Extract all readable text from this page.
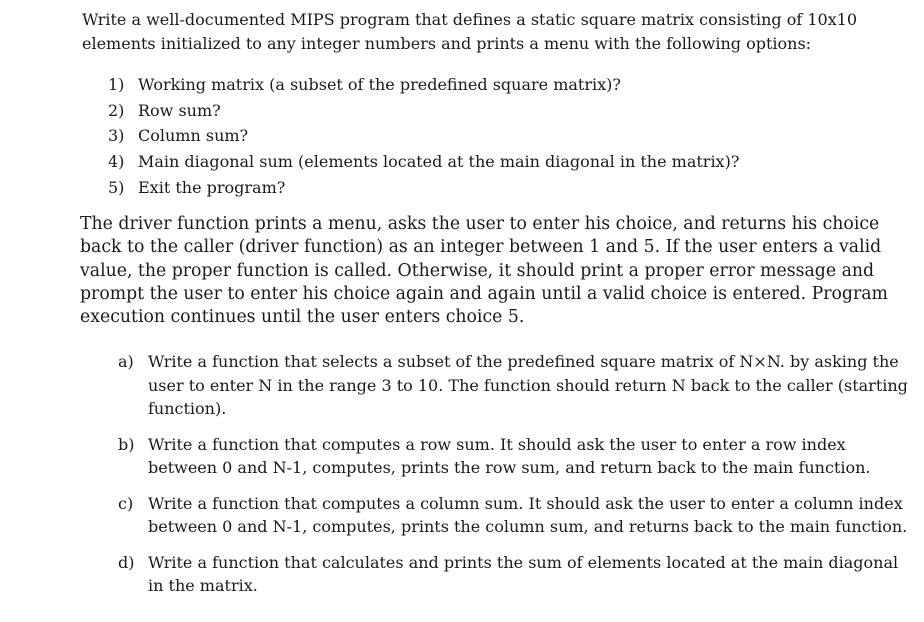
Write a well-documented MIPS program that defines a static square matrix consisting of 10x10 elements initialized to any integer numbers and prints a menu with the following options:

1) Working matrix (a subset of the predefined square matrix)?
2) Row sum?
3) Column sum?
4) Main diagonal sum (elements located at the main diagonal in the matrix)?
5) Exit the program?

The driver function prints a menu, asks the user to enter his choice, and returns his choice back to the caller (driver function) as an integer between 1 and 5. If the user enters a valid value, the proper function is called. Otherwise, it should print a proper error message and prompt the user to enter his choice again and again until a valid choice is entered. Program execution continues until the user enters choice 5.

a) Write a function that selects a subset of the predefined square matrix of N×N. by asking the user to enter N in the range 3 to 10. The function should return N back to the caller (starting function).
b) Write a function that computes a row sum. It should ask the user to enter a row index between 0 and N-1, computes, prints the row sum, and return back to the main function.
c) Write a function that computes a column sum. It should ask the user to enter a column index between 0 and N-1, computes, prints the column sum, and returns back to the main function.
d) Write a function that calculates and prints the sum of elements located at the main diagonal in the matrix.
